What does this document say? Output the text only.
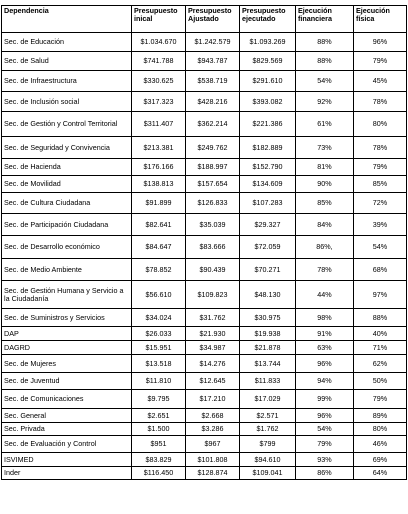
Dependencia	Presupuesto inical	Presupuesto Ajustado	Presupuesto ejecutado	Ejecución financiera	Ejecución física
Sec. de Educación	$1.034.670	$1.242.579	$1.093.269	88%	96%
Sec. de Salud	$741.788	$943.787	$829.569	88%	79%
Sec. de Infraestructura	$330.625	$538.719	$291.610	54%	45%
Sec. de Inclusión social	$317.323	$428.216	$393.082	92%	78%
Sec. de Gestión y Control Territorial	$311.407	$362.214	$221.386	61%	80%
Sec. de Seguridad y Convivencia	$213.381	$249.762	$182.889	73%	78%
Sec. de Hacienda	$176.166	$188.997	$152.790	81%	79%
Sec. de Movilidad	$138.813	$157.654	$134.609	90%	85%
Sec. de Cultura Ciudadana	$91.899	$126.833	$107.283	85%	72%
Sec. de Participación Ciudadana	$82.641	$35.039	$29.327	84%	39%
Sec. de Desarrollo económico	$84.647	$83.666	$72.059	86%,	54%
Sec. de Medio Ambiente	$78.852	$90.439	$70.271	78%	68%
Sec. de Gestión Humana y Servicio a la Ciudadanía	$56.610	$109.823	$48.130	44%	97%
Sec. de Suministros y Servicios	$34.024	$31.762	$30.975	98%	88%
DAP	$26.033	$21.930	$19.938	91%	40%
DAGRD	$15.951	$34.987	$21.878	63%	71%
Sec. de Mujeres	$13.518	$14.276	$13.744	96%	62%
Sec. de Juventud	$11.810	$12.645	$11.833	94%	50%
Sec. de Comunicaciones	$9.795	$17.210	$17.029	99%	79%
Sec. General	$2.651	$2.668	$2.571	96%	89%
Sec. Privada	$1.500	$3.286	$1.762	54%	80%
Sec. de Evaluación y Control	$951	$967	$799	79%	46%
ISVIMED	$83.829	$101.808	$94.610	93%	69%
Inder	$116.450	$128.874	$109.041	86%	64%
